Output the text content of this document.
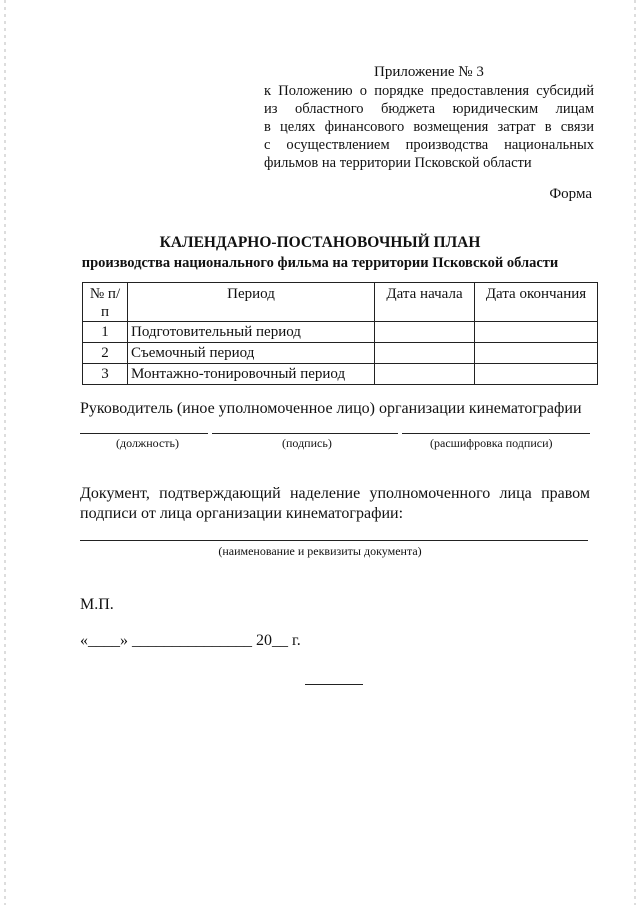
Приложение № 3
к Положению о порядке предоставления субсидий
из областного бюджета юридическим лицам
в целях финансового возмещения затрат в связи
с осуществлением производства национальных
фильмов на территории Псковской области
Форма
КАЛЕНДАРНО-ПОСТАНОВОЧНЫЙ ПЛАН
производства национального фильма на территории Псковской области
№ п/п	Период	Дата начала	Дата окончания
1	Подготовительный период		
2	Съемочный период		
3	Монтажно-тонировочный период		
Руководитель (иное уполномоченное лицо) организации кинематографии
(должность)	(подпись)	(расшифровка подписи)
Документ, подтверждающий наделение уполномоченного лица правом подписи от лица организации кинематографии:
(наименование и реквизиты документа)
М.П.
«____» _______________ 20__ г.
